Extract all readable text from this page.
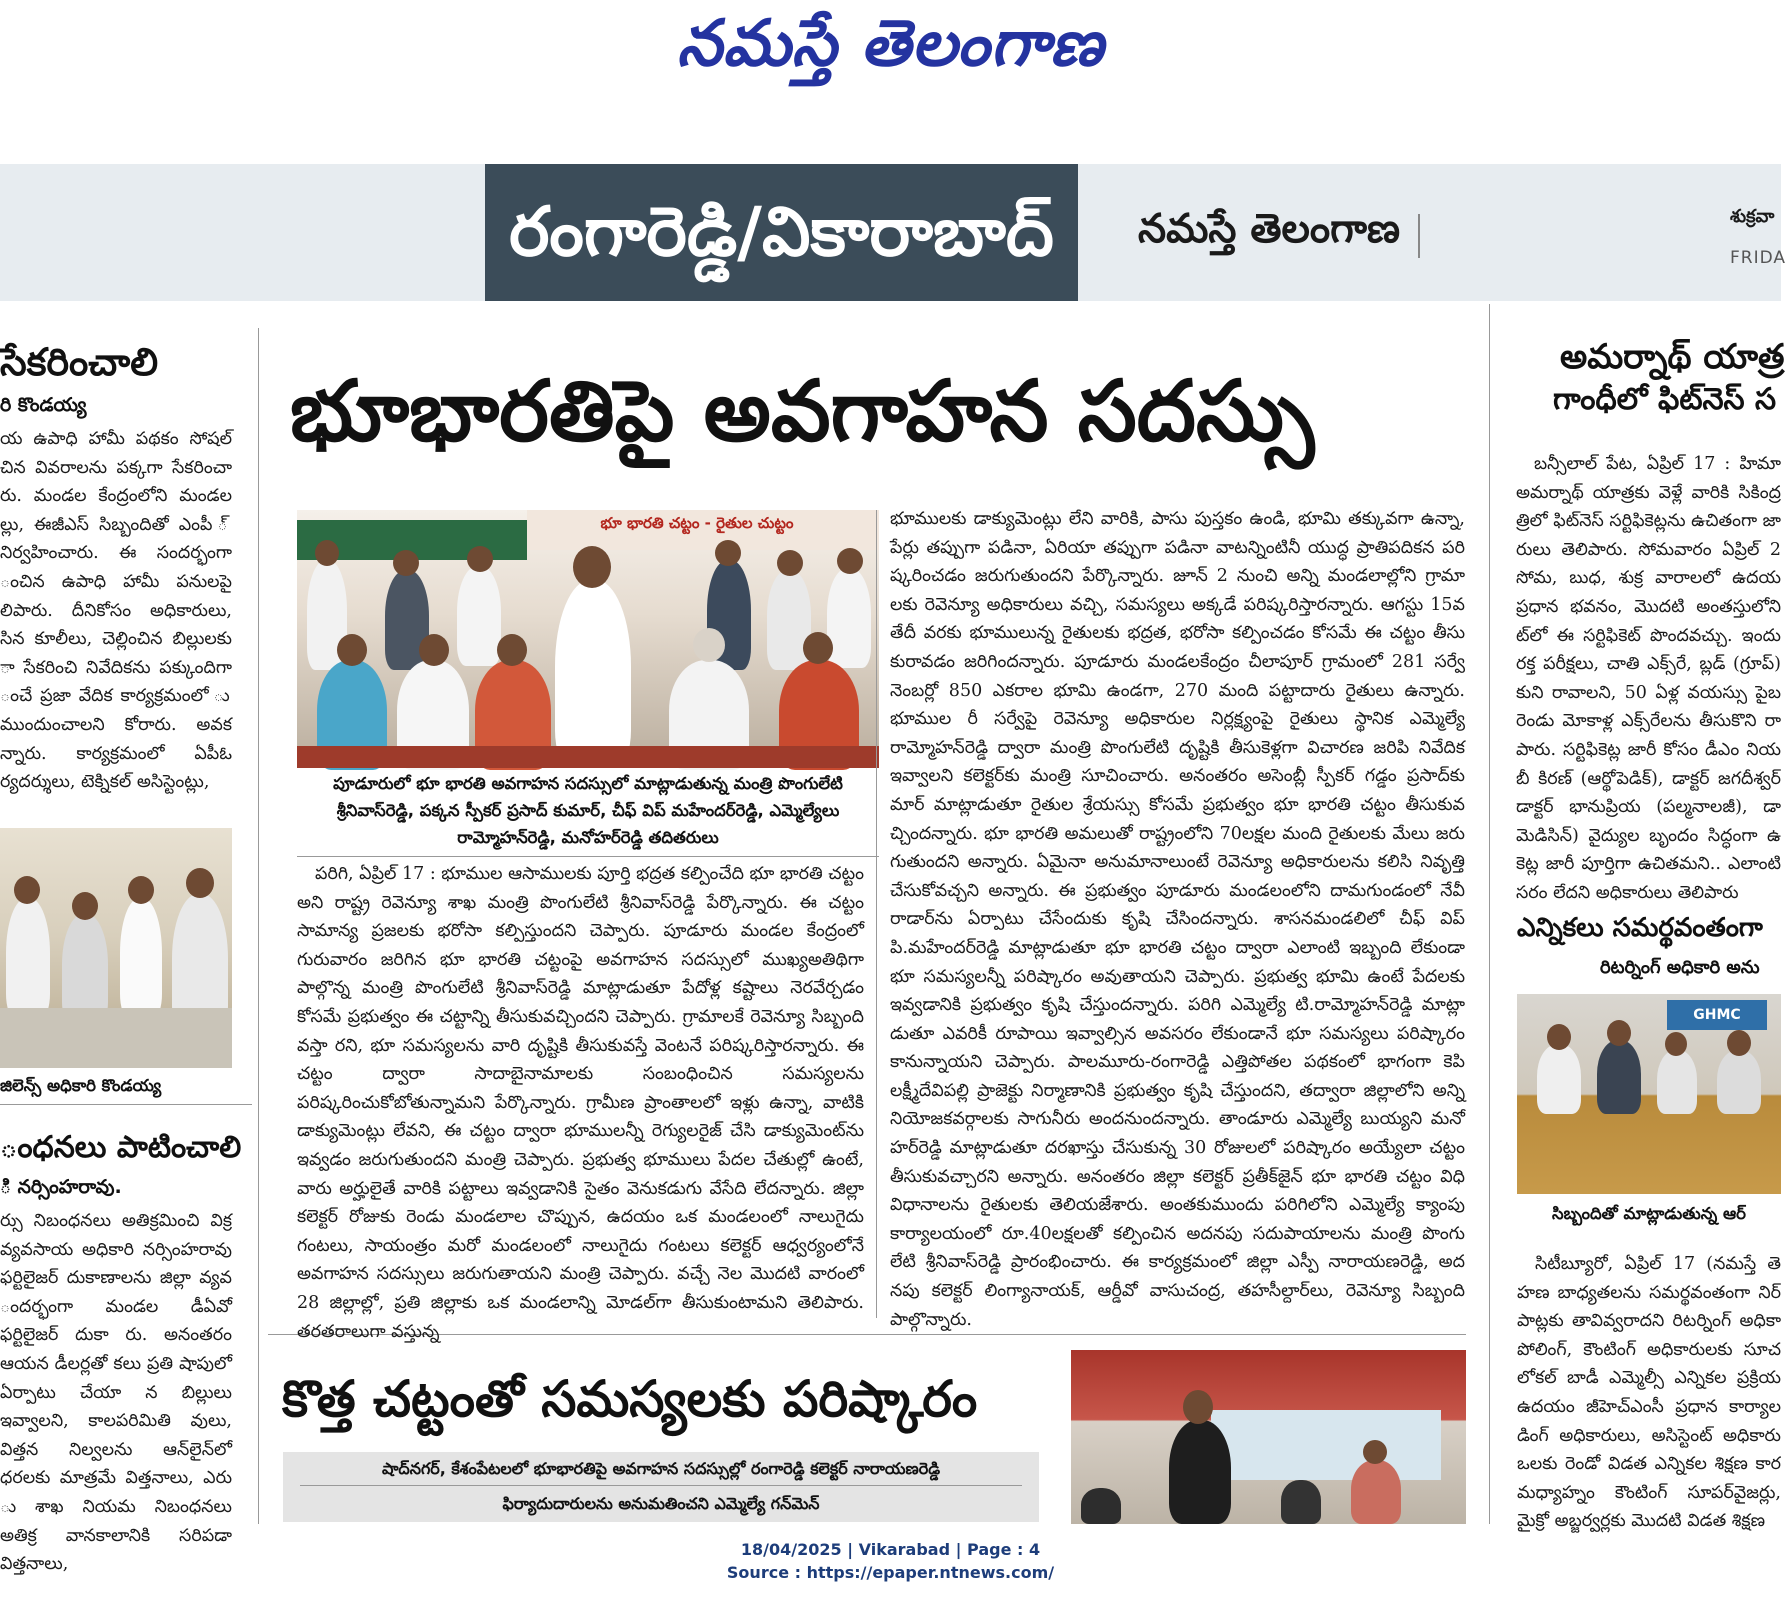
నమస్తే తెలంగాణ
రంగారెడ్డి/వికారాబాద్	నమస్తే తెలంగాణ	శుక్రవా
FRIDA
సేకరించాలి
రి కొండయ్య
య ఉపాధి హామీ పథకం సోషల్ చిన వివరాలను పక్కగా సేకరించా రు. మండల కేంద్రంలోని మండల ల్లు, ఈజీఎస్ సిబ్బందితో ఎంపీ ్ నిర్వహించారు. ఈ సందర్భంగా ంచిన ఉపాధి హామీ పనులపై లిపారు. దీనికోసం అధికారులు, సిన కూలీలు, చెల్లించిన బిల్లులకు ా సేకరించి నివేదికను పక్కుందిగా ంచే ప్రజా వేదిక కార్యక్రమంలో ు ముందుంచాలని కోరారు. అవక న్నారు. కార్యక్రమంలో ఏపీఓ ర్యదర్శులు, టెక్నికల్ అసిస్టెంట్లు,
జిలెన్స్ అధికారి కొండయ్య
ంధనలు పాటించాలి
ి నర్సింహరావు.
ర్సు నిబంధనలు అతిక్రమించి విక్ర వ్యవసాయ అధికారి నర్సింహరావు ఫర్టిలైజర్ దుకాణాలను జిల్లా వ్యవ ందర్భంగా మండల డీఏవో ఫర్టిలైజర్ దుకా రు. అనంతరం ఆయన డీలర్లతో కలు ప్రతి షాపులో ఏర్పాటు చేయా న బిల్లులు ఇవ్వాలని, కాలపరిమితి వులు, విత్తన నిల్వలను ఆన్‌లైన్‌లో ధరలకు మాత్రమే విత్తనాలు, ఎరు ు శాఖ నియమ నిబంధనలు అతిక్ర వానకాలానికి సరిపడా విత్తనాలు,
భూభారతిపై అవగాహన సదస్సు
భూ భారతి చట్టం - రైతుల చుట్టం
పూడూరులో భూ భారతి అవగాహన సదస్సులో మాట్లాడుతున్న మంత్రి పొంగులేటి శ్రీనివాస్‌రెడ్డి, పక్కన స్పీకర్ ప్రసాద్ కుమార్, చీఫ్ విప్ మహేందర్‌రెడ్డి, ఎమ్మెల్యేలు రామ్మోహన్‌రెడ్డి, మనోహర్‌రెడ్డి తదితరులు
పరిగి, ఏప్రిల్ 17 : భూముల ఆసాములకు పూర్తి భద్రత కల్పించేది భూ భారతి చట్టం అని రాష్ట్ర రెవెన్యూ శాఖ మంత్రి పొంగులేటి శ్రీనివాస్‌రెడ్డి పేర్కొన్నారు. ఈ చట్టం సామాన్య ప్రజలకు భరోసా కల్పిస్తుందని చెప్పారు. పూడూరు మండల కేంద్రంలో గురువారం జరిగిన భూ భారతి చట్టంపై అవగాహన సదస్సులో ముఖ్యఅతిథిగా పాల్గొన్న మంత్రి పొంగులేటి శ్రీనివాస్‌రెడ్డి మాట్లాడుతూ పేదోళ్ల కష్టాలు నెరవేర్చడం కోసమే ప్రభుత్వం ఈ చట్టాన్ని తీసుకువచ్చిందని చెప్పారు. గ్రామాలకే రెవెన్యూ సిబ్బంది వస్తా రని, భూ సమస్యలను వారి దృష్టికి తీసుకువస్తే వెంటనే పరిష్కరిస్తారన్నారు. ఈ చట్టం ద్వారా సాదాబైనామాలకు సంబంధించిన సమస్యలను పరిష్కరించుకోబోతున్నామని పేర్కొన్నారు. గ్రామీణ ప్రాంతాలలో ఇళ్లు ఉన్నా, వాటికి డాక్యుమెంట్లు లేవని, ఈ చట్టం ద్వారా భూములన్నీ రెగ్యులరైజ్ చేసి డాక్యుమెంట్‌ను ఇవ్వడం జరుగుతుందని మంత్రి చెప్పారు. ప్రభుత్వ భూములు పేదల చేతుల్లో ఉంటే, వారు అర్హులైతే వారికి పట్టాలు ఇవ్వడానికి సైతం వెనుకడుగు వేసేది లేదన్నారు. జిల్లా కలెక్టర్ రోజుకు రెండు మండలాల చొప్పున, ఉదయం ఒక మండలంలో నాలుగైదు గంటలు, సాయంత్రం మరో మండలంలో నాలుగైదు గంటలు కలెక్టర్ ఆధ్వర్యంలోనే అవగాహన సదస్సులు జరుగుతాయని మంత్రి చెప్పారు. వచ్చే నెల మొదటి వారంలో 28 జిల్లాల్లో, ప్రతి జిల్లాకు ఒక మండలాన్ని మోడల్‌గా తీసుకుంటామని తెలిపారు. తరతరాలుగా వస్తున్న
భూములకు డాక్యుమెంట్లు లేని వారికి, పాసు పుస్తకం ఉండి, భూమి తక్కువగా ఉన్నా, పేర్లు తప్పుగా పడినా, ఏరియా తప్పుగా పడినా వాటన్నింటినీ యుద్ధ ప్రాతిపదికన పరి ష్కరించడం జరుగుతుందని పేర్కొన్నారు. జూన్ 2 నుంచి అన్ని మండలాల్లోని గ్రామా లకు రెవెన్యూ అధికారులు వచ్చి, సమస్యలు అక్కడే పరిష్కరిస్తారన్నారు. ఆగస్టు 15వ తేదీ వరకు భూములున్న రైతులకు భద్రత, భరోసా కల్పించడం కోసమే ఈ చట్టం తీసు కురావడం జరిగిందన్నారు. పూడూరు మండలకేంద్రం చీలాపూర్ గ్రామంలో 281 సర్వే నెంబర్లో 850 ఎకరాల భూమి ఉండగా, 270 మంది పట్టాదారు రైతులు ఉన్నారు. భూముల రీ సర్వేపై రెవెన్యూ అధికారుల నిర్లక్ష్యంపై రైతులు స్థానిక ఎమ్మెల్యే రామ్మోహన్‌రెడ్డి ద్వారా మంత్రి పొంగులేటి దృష్టికి తీసుకెళ్లగా విచారణ జరిపి నివేదిక ఇవ్వాలని కలెక్టర్‌కు మంత్రి సూచించారు. అనంతరం అసెంబ్లీ స్పీకర్ గడ్డం ప్రసాద్‌కు మార్ మాట్లాడుతూ రైతుల శ్రేయస్సు కోసమే ప్రభుత్వం భూ భారతి చట్టం తీసుకువ చ్చిందన్నారు. భూ భారతి అమలుతో రాష్ట్రంలోని 70లక్షల మంది రైతులకు మేలు జరు గుతుందని అన్నారు. ఏమైనా అనుమానాలుంటే రెవెన్యూ అధికారులను కలిసి నివృత్తి చేసుకోవచ్చని అన్నారు. ఈ ప్రభుత్వం పూడూరు మండలంలోని దామగుండంలో నేవీ రాడార్‌ను ఏర్పాటు చేసేందుకు కృషి చేసిందన్నారు. శాసనమండలిలో చీఫ్ విప్ పి.మహేందర్‌రెడ్డి మాట్లాడుతూ భూ భారతి చట్టం ద్వారా ఎలాంటి ఇబ్బంది లేకుండా భూ సమస్యలన్నీ పరిష్కారం అవుతాయని చెప్పారు. ప్రభుత్వ భూమి ఉంటే పేదలకు ఇవ్వడానికి ప్రభుత్వం కృషి చేస్తుందన్నారు. పరిగి ఎమ్మెల్యే టి.రామ్మోహన్‌రెడ్డి మాట్లా డుతూ ఎవరికీ రూపాయి ఇవ్వాల్సిన అవసరం లేకుండానే భూ సమస్యలు పరిష్కారం కానున్నాయని చెప్పారు. పాలమూరు-రంగారెడ్డి ఎత్తిపోతల పథకంలో భాగంగా కెపి లక్ష్మీదేవిపల్లి ప్రాజెక్టు నిర్మాణానికి ప్రభుత్వం కృషి చేస్తుందని, తద్వారా జిల్లాలోని అన్ని నియోజకవర్గాలకు సాగునీరు అందనుందన్నారు. తాండూరు ఎమ్మెల్యే బుయ్యని మనో హర్‌రెడ్డి మాట్లాడుతూ దరఖాస్తు చేసుకున్న 30 రోజులలో పరిష్కారం అయ్యేలా చట్టం తీసుకువచ్చారని అన్నారు. అనంతరం జిల్లా కలెక్టర్ ప్రతీక్‌జైన్ భూ భారతి చట్టం విధి విధానాలను రైతులకు తెలియజేశారు. అంతకుముందు పరిగిలోని ఎమ్మెల్యే క్యాంపు కార్యాలయంలో రూ.40లక్షలతో కల్పించిన అదనపు సదుపాయాలను మంత్రి పొంగు లేటి శ్రీనివాస్‌రెడ్డి ప్రారంభించారు. ఈ కార్యక్రమంలో జిల్లా ఎస్పీ నారాయణరెడ్డి, అద నపు కలెక్టర్ లింగ్యానాయక్, ఆర్డీవో వాసుచంద్ర, తహసీల్దార్‌లు, రెవెన్యూ సిబ్బంది పాల్గొన్నారు.
కొత్త చట్టంతో సమస్యలకు పరిష్కారం
షాద్‌నగర్, కేశంపేటలలో భూభారతిపై అవగాహన సదస్సుల్లో రంగారెడ్డి కలెక్టర్ నారాయణరెడ్డి
ఫిర్యాదుదారులను అనుమతించని ఎమ్మెల్యే గన్‌మెన్
అమర్నాథ్ యాత్ర
గాంధీలో ఫిట్‌నెస్ స
బన్సీలాల్ పేట, ఏప్రిల్ 17 : హిమా అమర్నాథ్ యాత్రకు వెళ్లే వారికి సికింద్ర త్రిలో ఫిట్‌నెస్ సర్టిఫికెట్లను ఉచితంగా జా రులు తెలిపారు. సోమవారం ఏప్రిల్ 2 సోమ, బుధ, శుక్ర వారాలలో ఉదయ ప్రధాన భవనం, మొదటి అంతస్తులోని ట్‌లో ఈ సర్టిఫికెట్ పొందవచ్చు. ఇందు రక్త పరీక్షలు, చాతి ఎక్స్‌రే, బ్లడ్ (గ్రూప్) కుని రావాలని, 50 ఏళ్ల వయస్సు పైబ రెండు మోకాళ్ల ఎక్స్‌రేలను తీసుకొని రా పారు. సర్టిఫికెట్ల జారీ కోసం డీఎం నియ బీ కిరణ్ (ఆర్థోపెడిక్), డాక్టర్ జగదీశ్వర్ డాక్టర్ భానుప్రియ (పల్మనాలజీ), డా మెడిసిన్) వైద్యుల బృందం సిద్ధంగా ఉ కెట్ల జారీ పూర్తిగా ఉచితమని.. ఎలాంటి సరం లేదని అధికారులు తెలిపారు
ఎన్నికలు సమర్థవంతంగా
రిటర్నింగ్ అధికారి అను
GHMC
సిబ్బందితో మాట్లాడుతున్న ఆర్
సిటీబ్యూరో, ఏప్రిల్ 17 (నమస్తే తె హణ బాధ్యతలను సమర్థవంతంగా నిర్ పాట్లకు తావివ్వరాదని రిటర్నింగ్ అధికా పోలింగ్, కౌంటింగ్ అధికారులకు సూచ లోకల్ బాడీ ఎమ్మెల్సీ ఎన్నికల ప్రక్రియ ఉదయం జీహెచ్ఎంసీ ప్రధాన కార్యాల డింగ్ అధికారులు, అసిస్టెంట్ అధికారు ఒలకు రెండో విడత ఎన్నికల శిక్షణ కార మధ్యాహ్నం కౌంటింగ్ సూపర్‌వైజర్లు, మైక్రో అబ్జర్వర్లకు మొదటి విడత శిక్షణ
18/04/2025 | Vikarabad | Page : 4
Source : https://epaper.ntnews.com/
